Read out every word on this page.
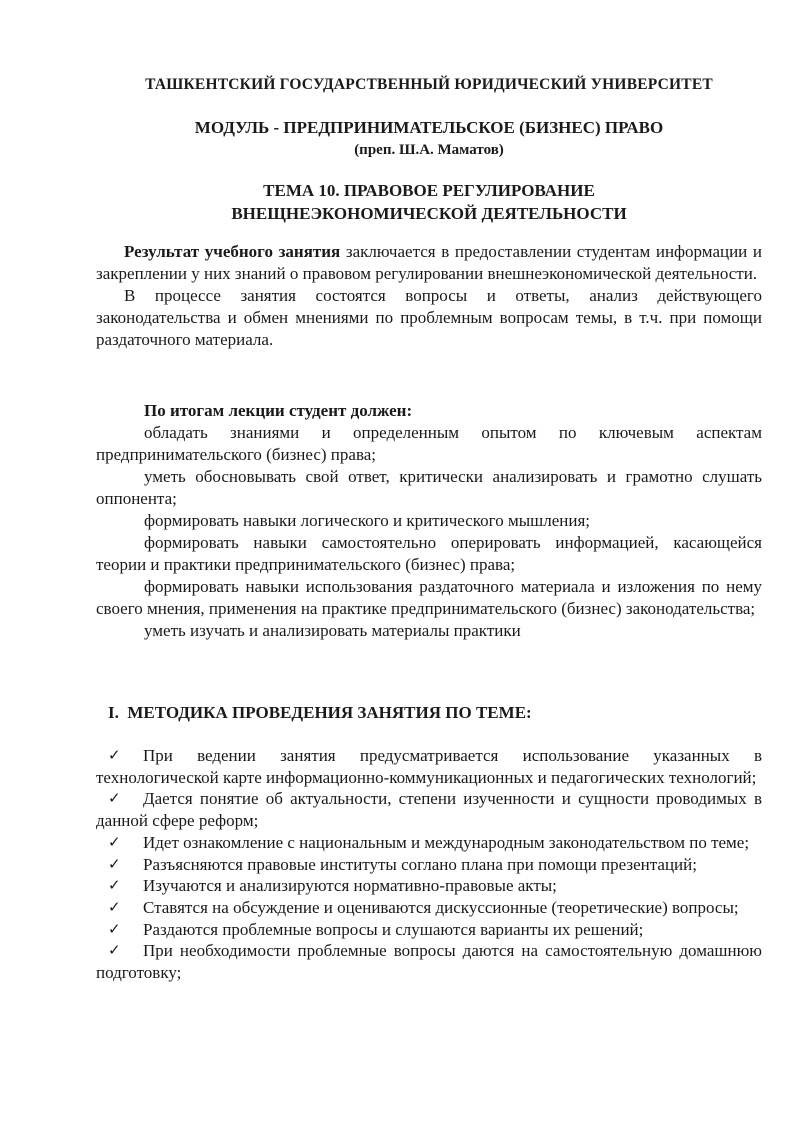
ТАШКЕНТСКИЙ ГОСУДАРСТВЕННЫЙ ЮРИДИЧЕСКИЙ УНИВЕРСИТЕТ
МОДУЛЬ - ПРЕДПРИНИМАТЕЛЬСКОЕ (БИЗНЕС) ПРАВО
(преп. Ш.А. Маматов)
ТЕМА 10. ПРАВОВОЕ РЕГУЛИРОВАНИЕ
ВНЕЩНЕЭКОНОМИЧЕСКОЙ ДЕЯТЕЛЬНОСТИ

Результат учебного занятия заключается в предоставлении студентам информации и закреплении у них знаний о правовом регулировании внешнеэкономической деятельности.

В процессе занятия состоятся вопросы и ответы, анализ действующего законодательства и обмен мнениями по проблемным вопросам темы, в т.ч. при помощи раздаточного материала.

По итогам лекции студент должен:

обладать знаниями и определенным опытом по ключевым аспектам предпринимательского (бизнес) права;

уметь обосновывать свой ответ, критически анализировать и грамотно слушать оппонента;

формировать навыки логического и критического мышления;

формировать навыки самостоятельно оперировать информацией, касающейся теории и практики предпринимательского (бизнес) права;

формировать навыки использования раздаточного материала и изложения по нему своего мнения, применения на практике предпринимательского (бизнес) законодательства;

уметь изучать и анализировать материалы практики

I.  МЕТОДИКА ПРОВЕДЕНИЯ ЗАНЯТИЯ ПО ТЕМЕ:

✓ При ведении занятия предусматривается использование указанных в технологической карте информационно-коммуникационных и педагогических технологий;

✓ Дается понятие об актуальности, степени изученности и сущности проводимых в данной сфере реформ;

✓ Идет ознакомление с национальным и международным законодательством по теме;

✓ Разъясняются правовые институты соглано плана при помощи презентаций;

✓ Изучаются и анализируются нормативно-правовые акты;

✓ Ставятся на обсуждение и оцениваются дискуссионные (теоретические) вопросы;

✓ Раздаются проблемные вопросы и слушаются варианты их решений;

✓ При необходимости проблемные вопросы даются на самостоятельную домашнюю подготовку;
